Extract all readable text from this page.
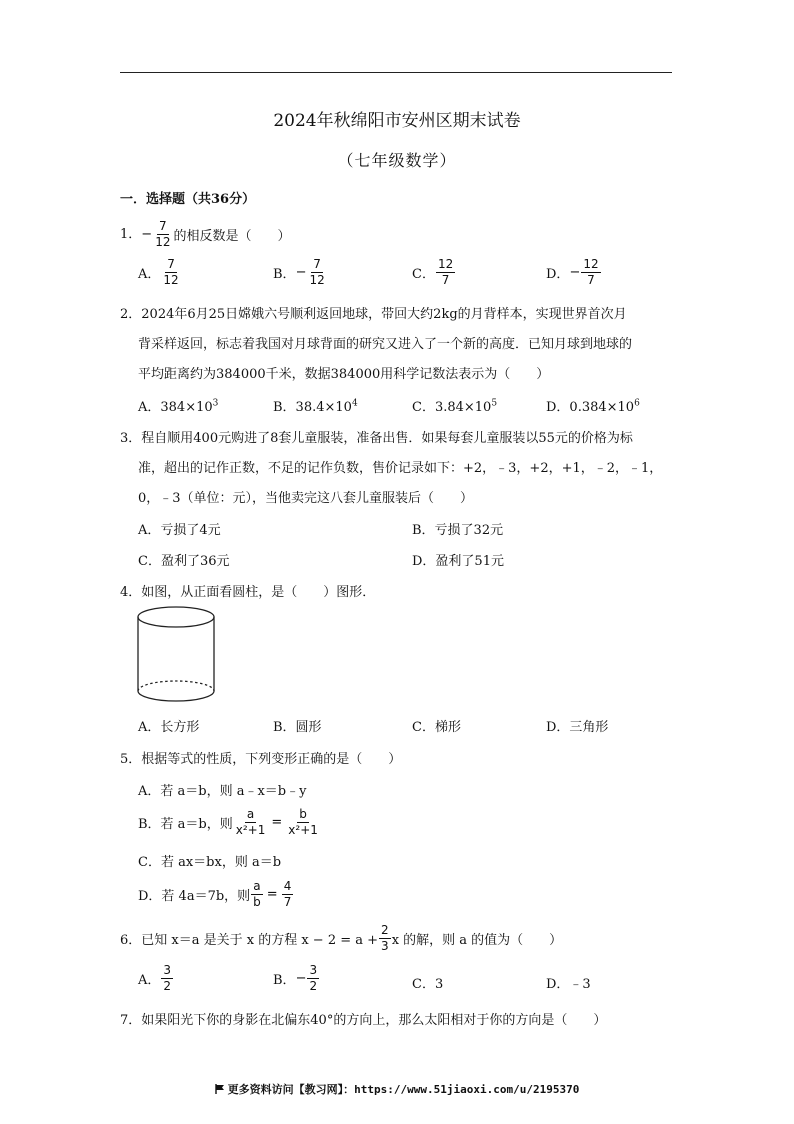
2024年秋绵阳市安州区期末试卷
（七年级数学）
一．选择题（共36分）
1．− $\frac{7}{12}$ 的相反数是（　　）
A． $\frac{7}{12}$	B．− $\frac{7}{12}$	C． $\frac{12}{7}$	D．− $\frac{12}{7}$
2．2024年6月25日嫦娥六号顺利返回地球，带回大约2kg的月背样本，实现世界首次月
背采样返回，标志着我国对月球背面的研究又进入了一个新的高度．已知月球到地球的
平均距离约为384000千米，数据384000用科学记数法表示为（　　）
A．$384\times 10^3$	B．$38.4\times 10^4$	C．$3.84\times 10^5$	D．$0.384\times 10^6$
3．程自顺用400元购进了8套儿童服装，准备出售．如果每套儿童服装以55元的价格为标
准，超出的记作正数，不足的记作负数，售价记录如下：+2，﹣3，+2，+1，﹣2，﹣1，
0，﹣3（单位：元），当他卖完这八套儿童服装后（　　）
A．亏损了4元	B．亏损了32元
C．盈利了36元	D．盈利了51元
4．如图，从正面看圆柱，是（　　）图形．
A．长方形	B．圆形	C．梯形	D．三角形
5．根据等式的性质，下列变形正确的是（　　）
A．若 a＝b，则 a﹣x＝b﹣y
B．若 a＝b，则 $\frac{a}{\text{x²+1}} = \frac{b}{\text{x²+1}}$
C．若 ax＝bx，则 a＝b
D．若 4a＝7b，则 $\frac{a}{b} = \frac{4}{7}$
6．已知 x＝a 是关于 x 的方程 $x - 2 = a + \frac{2}{3}$ x 的解，则 a 的值为（　　）
A． $\frac{3}{2}$	B．− $\frac{3}{2}$	C．3	D．﹣3
7．如果阳光下你的身影在北偏东40°的方向上，那么太阳相对于你的方向是（　　）
更多资料访问【教习网】：https://www.51jiaoxi.com/u/2195370
